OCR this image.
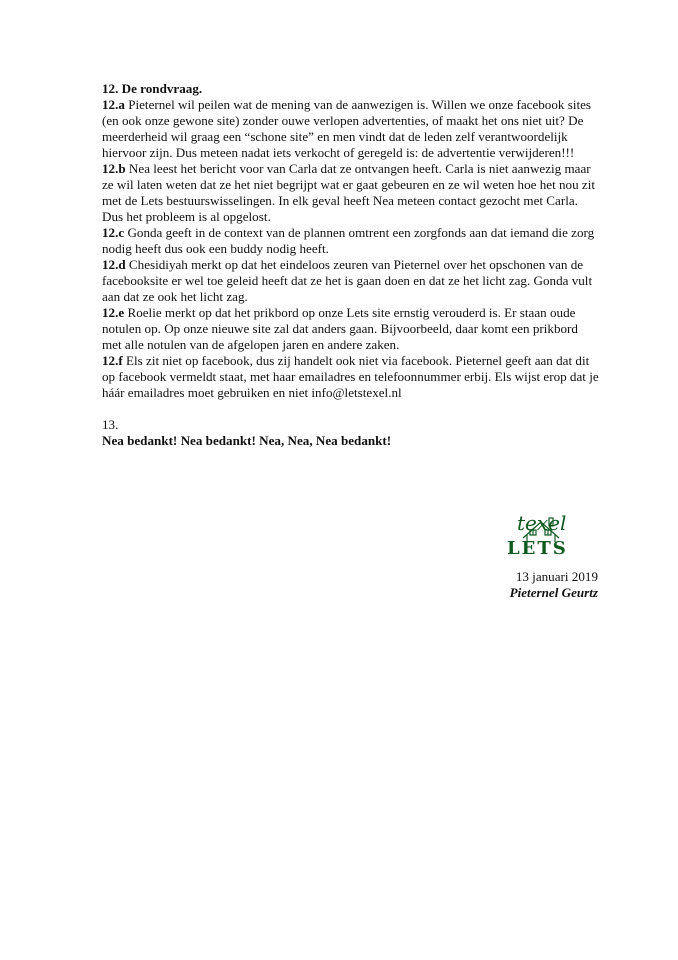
12. De rondvraag.

12.a Pieternel wil peilen wat de mening van de aanwezigen is. Willen we onze facebook sites (en ook onze gewone site) zonder ouwe verlopen advertenties, of maakt het ons niet uit? De meerderheid wil graag een “schone site” en men vindt dat de leden zelf verantwoordelijk hiervoor zijn. Dus meteen nadat iets verkocht of geregeld is: de advertentie verwijderen!!!

12.b Nea leest het bericht voor van Carla dat ze ontvangen heeft. Carla is niet aanwezig maar ze wil laten weten dat ze het niet begrijpt wat er gaat gebeuren en ze wil weten hoe het nou zit met de Lets bestuurswisselingen. In elk geval heeft Nea meteen contact gezocht met Carla. Dus het probleem is al opgelost.

12.c Gonda geeft in de context van de plannen omtrent een zorgfonds aan dat iemand die zorg nodig heeft dus ook een buddy nodig heeft.

12.d Chesidiyah merkt op dat het eindeloos zeuren van Pieternel over het opschonen van de facebooksite er wel toe geleid heeft dat ze het is gaan doen en dat ze het licht zag. Gonda vult aan dat ze ook het licht zag.

12.e Roelie merkt op dat het prikbord op onze Lets site ernstig verouderd is. Er staan oude notulen op. Op onze nieuwe site zal dat anders gaan. Bijvoorbeeld, daar komt een prikbord met alle notulen van de afgelopen jaren en andere zaken.

12.f Els zit niet op facebook, dus zij handelt ook niet via facebook. Pieternel geeft aan dat dit op facebook vermeldt staat, met haar emailadres en telefoonnummer erbij. Els wijst erop dat je háár emailadres moet gebruiken en niet info@letstexel.nl

13.

Nea bedankt! Nea bedankt! Nea, Nea, Nea bedankt!

texel
LETS
13 januari 2019
Pieternel Geurtz
